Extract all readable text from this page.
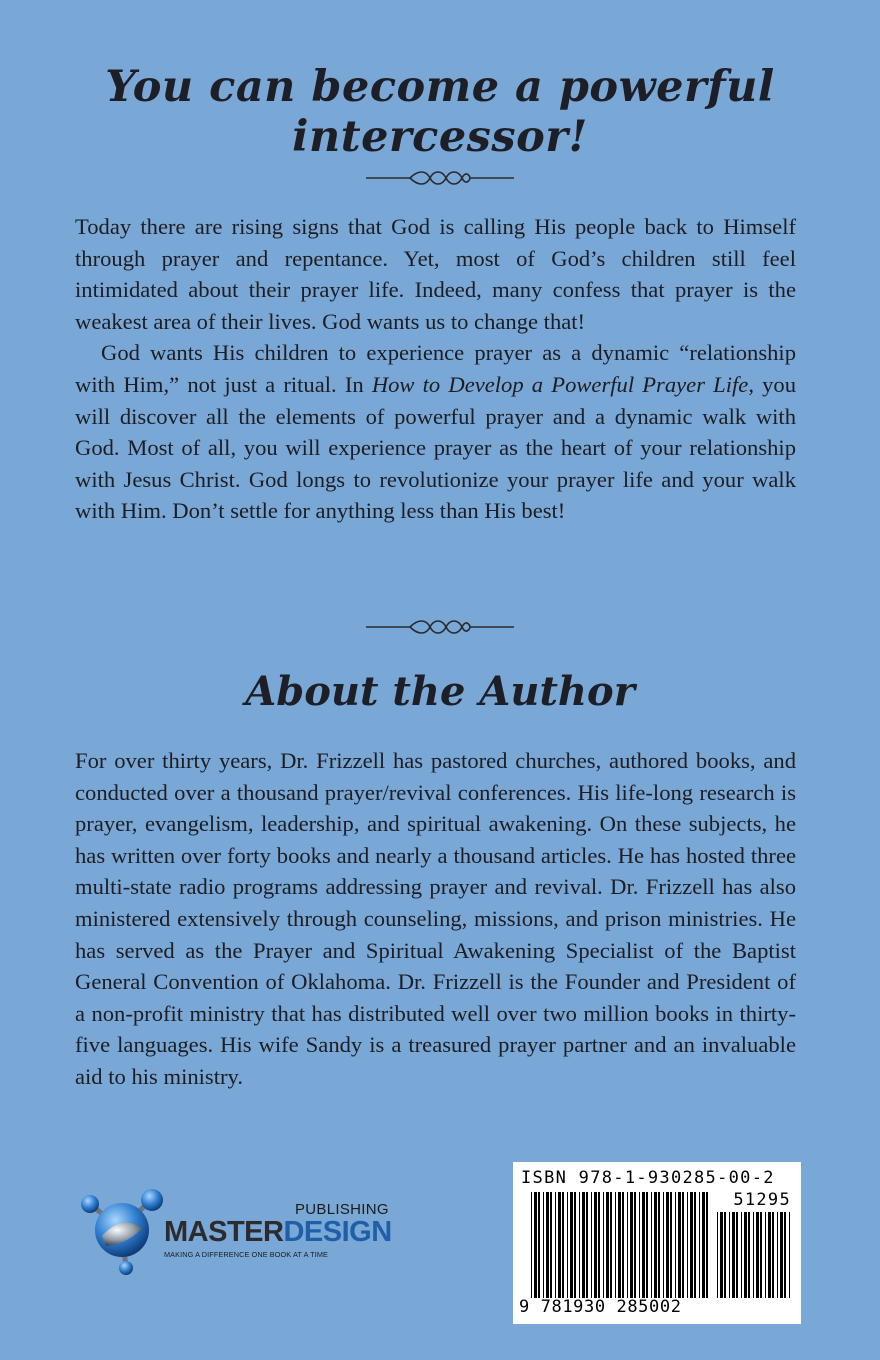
You can become a powerful intercessor!

Today there are rising signs that God is calling His people back to Himself through prayer and repentance. Yet, most of God’s children still feel intimidated about their prayer life. Indeed, many confess that prayer is the weakest area of their lives. God wants us to change that!

God wants His children to experience prayer as a dynamic “relationship with Him,” not just a ritual. In How to Develop a Powerful Prayer Life, you will discover all the elements of powerful prayer and a dynamic walk with God. Most of all, you will experience prayer as the heart of your relationship with Jesus Christ. God longs to revolutionize your prayer life and your walk with Him. Don’t settle for anything less than His best!

About the Author

For over thirty years, Dr. Frizzell has pastored churches, authored books, and conducted over a thousand prayer/revival conferences. His life-long research is prayer, evangelism, leadership, and spiritual awakening. On these subjects, he has written over forty books and nearly a thousand articles. He has hosted three multi-state radio programs addressing prayer and revival. Dr. Frizzell has also ministered extensively through counseling, missions, and prison ministries. He has served as the Prayer and Spiritual Awakening Specialist of the Baptist General Convention of Oklahoma. Dr. Frizzell is the Founder and President of a non-profit ministry that has distributed well over two million books in thirty-five languages. His wife Sandy is a treasured prayer partner and an invaluable aid to his ministry.

PUBLISHING
MASTERDESIGN
MAKING A DIFFERENCE ONE BOOK AT A TIME
ISBN 978-1-930285-00-2
51295
9 781930 285002
